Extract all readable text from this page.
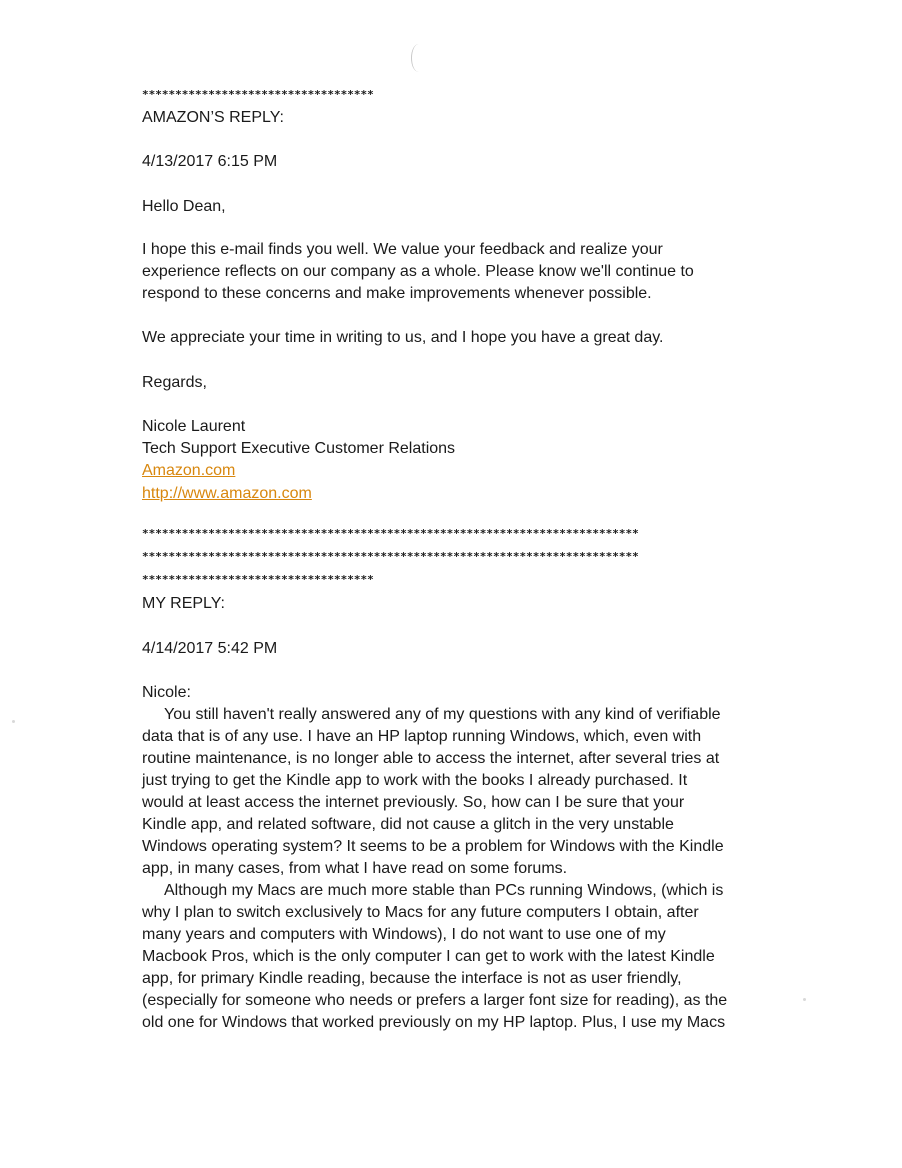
***********************************
AMAZON’S REPLY:
4/13/2017 6:15 PM
Hello Dean,
I hope this e-mail finds you well. We value your feedback and realize your
experience reflects on our company as a whole. Please know we'll continue to
respond to these concerns and make improvements whenever possible.
We appreciate your time in writing to us, and I hope you have a great day.
Regards,
Nicole Laurent
Tech Support Executive Customer Relations
Amazon.com
http://www.amazon.com
***************************************************************************
***************************************************************************
***********************************
MY REPLY:
4/14/2017 5:42 PM
Nicole:
You still haven't really answered any of my questions with any kind of verifiable
data that is of any use. I have an HP laptop running Windows, which, even with
routine maintenance, is no longer able to access the internet, after several tries at
just trying to get the Kindle app to work with the books I already purchased. It
would at least access the internet previously. So, how can I be sure that your
Kindle app, and related software, did not cause a glitch in the very unstable
Windows operating system? It seems to be a problem for Windows with the Kindle
app, in many cases, from what I have read on some forums.
Although my Macs are much more stable than PCs running Windows, (which is
why I plan to switch exclusively to Macs for any future computers I obtain, after
many years and computers with Windows), I do not want to use one of my
Macbook Pros, which is the only computer I can get to work with the latest Kindle
app, for primary Kindle reading, because the interface is not as user friendly,
(especially for someone who needs or prefers a larger font size for reading), as the
old one for Windows that worked previously on my HP laptop. Plus, I use my Macs
